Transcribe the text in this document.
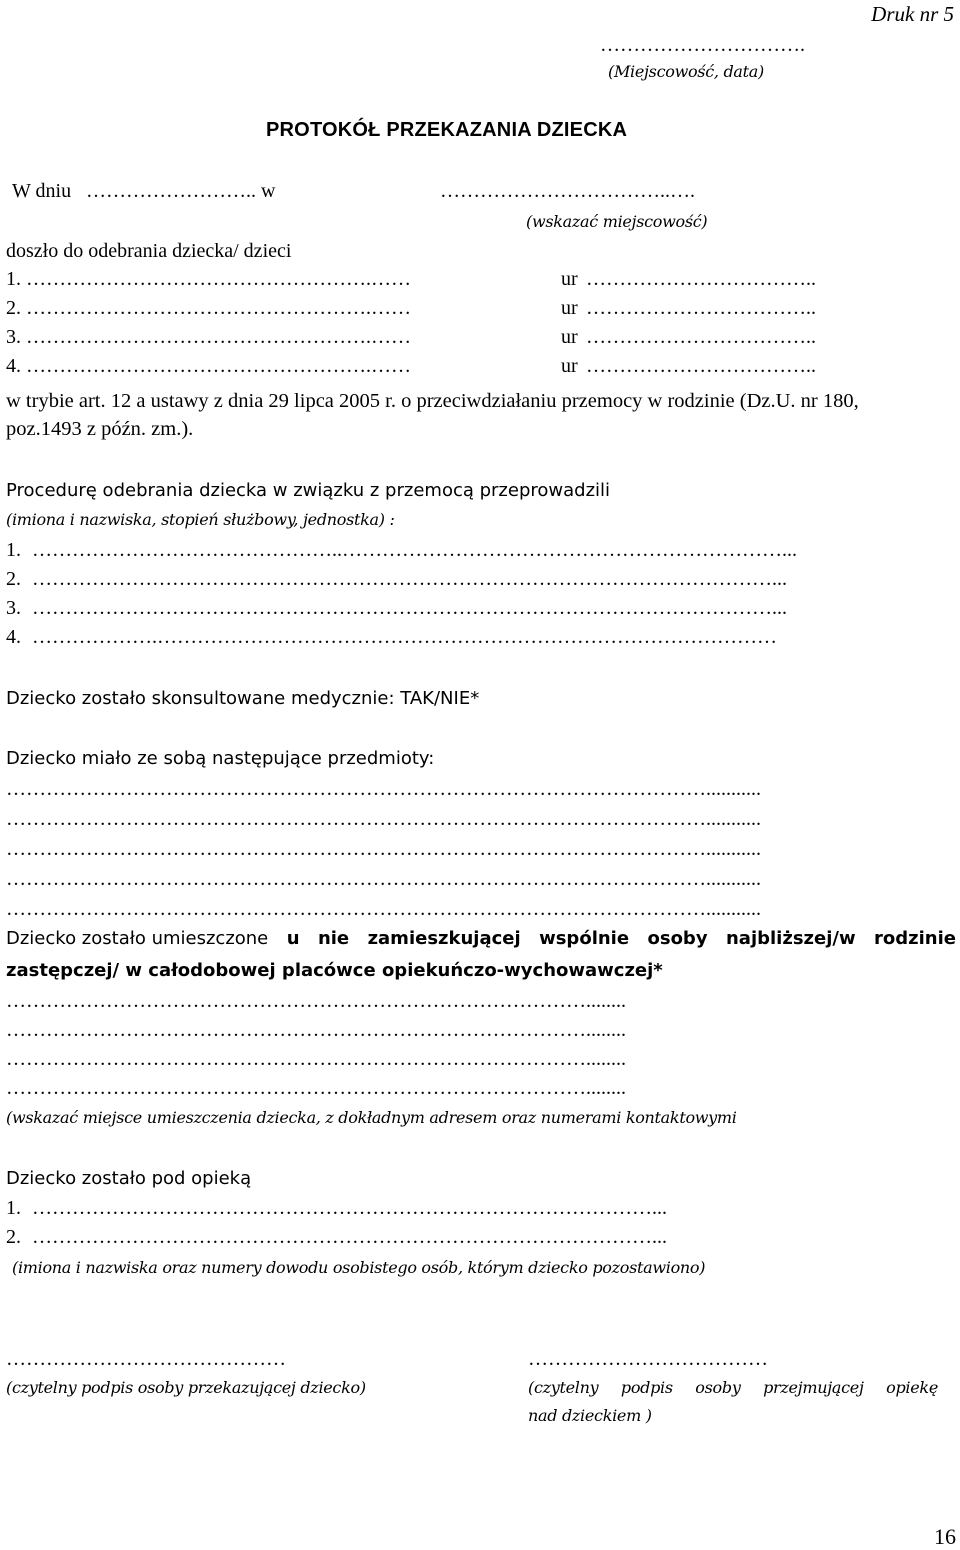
Druk nr 5
………………………….
(Miejscowość, data)
PROTOKÓŁ PRZEKAZANIA DZIECKA
W dniu …………………….. w	……………………………..….
(wskazać miejscowość)
doszło do odebrania dziecka/ dzieci
1. …………………………………………….……	ur ……………………………..
2. …………………………………………….……	ur ……………………………..
3. …………………………………………….……	ur ……………………………..
4. …………………………………………….……	ur ……………………………..
w trybie art. 12 a ustawy z dnia 29 lipca 2005 r. o przeciwdziałaniu przemocy w rodzinie (Dz.U. nr 180,
poz.1493 z późn. zm.).
Procedurę odebrania dziecka w związku z przemocą przeprowadzili
(imiona i nazwiska, stopień służbowy, jednostka) :
1. ………………………………………..…………………………………………………………...
2. …………………………………………………………………………………………………...
3. …………………………………………………………………………………………………...
4. ……………….…………………………………………………………………………………
Dziecko zostało skonsultowane medycznie: TAK/NIE*
Dziecko miało ze sobą następujące przedmioty:
……………………………………………………………………………………………...........
……………………………………………………………………………………………...........
……………………………………………………………………………………………...........
……………………………………………………………………………………………...........
……………………………………………………………………………………………...........
Dziecko zostało umieszczone u nie zamieszkującej wspólnie osoby najbliższej/w rodzinie
zastępczej/ w całodobowej placówce opiekuńczo-wychowawczej*
……………………………………………………………………………........
……………………………………………………………………………........
……………………………………………………………………………........
……………………………………………………………………………........
(wskazać miejsce umieszczenia dziecka, z dokładnym adresem oraz numerami kontaktowymi
Dziecko zostało pod opieką
1. …………………………………………………………………………………...
2. …………………………………………………………………………………...
(imiona i nazwiska oraz numery dowodu osobistego osób, którym dziecko pozostawiono)
……………………………………
(czytelny podpis osoby przekazującej dziecko)
………………………………
(czytelny podpis osoby przejmującej opiekę
nad dzieckiem )
16
